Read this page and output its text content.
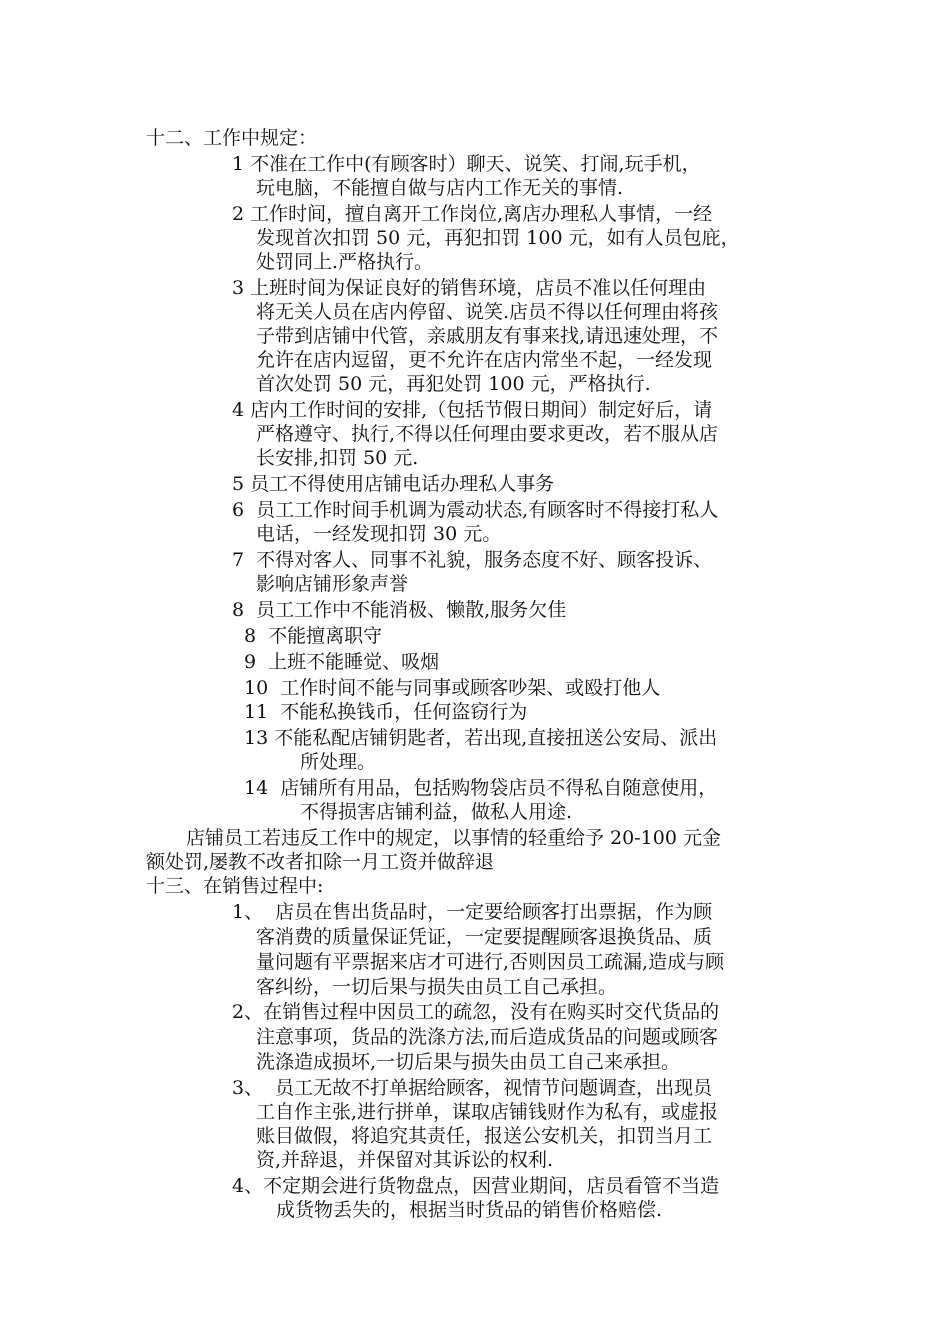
十二、工作中规定：
1 不准在工作中(有顾客时）聊天、说笑、打闹,玩手机，
玩电脑，不能擅自做与店内工作无关的事情.
2 工作时间，擅自离开工作岗位,离店办理私人事情，一经
发现首次扣罚 50 元，再犯扣罚 100 元，如有人员包庇，
处罚同上.严格执行。
3 上班时间为保证良好的销售环境，店员不准以任何理由
将无关人员在店内停留、说笑.店员不得以任何理由将孩
子带到店铺中代管，亲戚朋友有事来找,请迅速处理，不
允许在店内逗留，更不允许在店内常坐不起，一经发现
首次处罚 50 元，再犯处罚 100 元，严格执行.
4 店内工作时间的安排,（包括节假日期间）制定好后，请
严格遵守、执行,不得以任何理由要求更改，若不服从店
长安排,扣罚 50 元.
5 员工不得使用店铺电话办理私人事务
6  员工工作时间手机调为震动状态,有顾客时不得接打私人
电话，一经发现扣罚 30 元。
7  不得对客人、同事不礼貌，服务态度不好、顾客投诉、
影响店铺形象声誉
8  员工工作中不能消极、懒散,服务欠佳
8  不能擅离职守
9  上班不能睡觉、吸烟
10  工作时间不能与同事或顾客吵架、或殴打他人
11  不能私换钱币，任何盗窃行为
13 不能私配店铺钥匙者，若出现,直接扭送公安局、派出
所处理。
14  店铺所有用品，包括购物袋店员不得私自随意使用，
不得损害店铺利益，做私人用途.
店铺员工若违反工作中的规定，以事情的轻重给予 20-100 元金
额处罚,屡教不改者扣除一月工资并做辞退
十三、在销售过程中:
1、  店员在售出货品时，一定要给顾客打出票据，作为顾
客消费的质量保证凭证，一定要提醒顾客退换货品、质
量问题有平票据来店才可进行,否则因员工疏漏,造成与顾
客纠纷，一切后果与损失由员工自己承担。
2、在销售过程中因员工的疏忽，没有在购买时交代货品的
注意事项，货品的洗涤方法,而后造成货品的问题或顾客
洗涤造成损坏,一切后果与损失由员工自己来承担。
3、  员工无故不打单据给顾客，视情节问题调查，出现员
工自作主张,进行拼单，谋取店铺钱财作为私有，或虚报
账目做假，将追究其责任，报送公安机关，扣罚当月工
资,并辞退，并保留对其诉讼的权利.
4、不定期会进行货物盘点，因营业期间，店员看管不当造
成货物丢失的，根据当时货品的销售价格赔偿.
